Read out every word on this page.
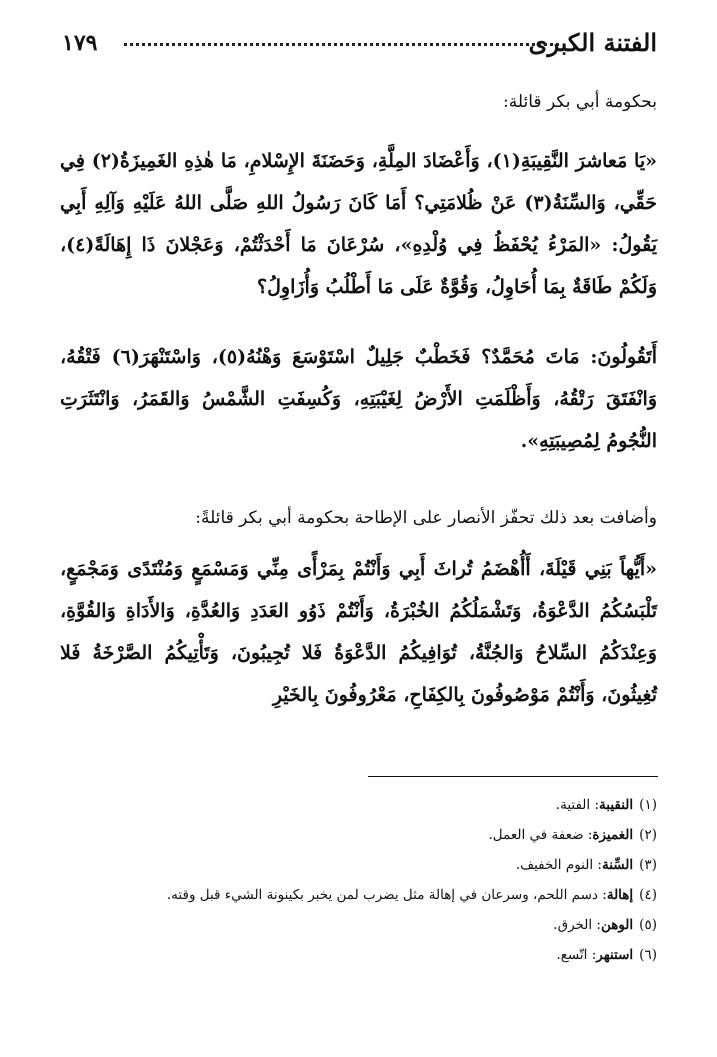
الفتنة الكبرى
١٧٩
بحكومة أبي بكر قائلة:
«يَا مَعاشرَ النَّقِيبَةِ(١)، وَأَعْضَادَ المِلَّةِ، وَحَضَنَةَ الإِسْلامِ، مَا هٰذِهِ الغَمِيزَةُ(٢) فِي حَقِّي، وَالسِّنَةُ(٣) عَنْ ظُلامَتِي؟ أَمَا كَانَ رَسُولُ اللهِ صَلَّى اللهُ عَلَيْهِ وَآلِهِ أَبِي يَقُولُ: «المَرْءُ يُحْفَظُ فِي وُلْدِهِ»، سُرْعَانَ مَا أَحْدَثْتُمْ، وَعَجْلانَ ذَا إِهَالَةً(٤)، وَلَكُمْ طَاقَةٌ بِمَا أُحَاوِلُ، وَقُوَّةٌ عَلَى مَا أَطْلُبُ وَأُزَاوِلُ؟
أَتَقُولُونَ: مَاتَ مُحَمَّدٌ؟ فَخَطْبٌ جَلِيلٌ اسْتَوْسَعَ وَهْنُهُ(٥)، وَاسْتَنْهَرَ(٦) فَتْقُهُ، وَانْفَتَقَ رَتْقُهُ، وَأَظْلَمَتِ الأَرْضُ لِغَيْبَتِهِ، وَكُسِفَتِ الشَّمْسُ وَالقَمَرُ، وَانْتَثَرَتِ النُّجُومُ لِمُصِيبَتِهِ».
وأضافت بعد ذلك تحفّز الأنصار على الإطاحة بحكومة أبي بكر قائلةً:
«أَيُّهاً بَنِي قَيْلَةَ، أَأُهْضَمُ تُراثَ أَبِي وَأَنْتُمْ بِمَرْأًى مِنِّي وَمَسْمَعٍ وَمُنْتَدًى وَمَجْمَعٍ، تَلْبَسُكُمُ الدَّعْوَةُ، وَتَشْمَلُكُمُ الخُبْرَةُ، وَأَنْتُمْ ذَوُو العَدَدِ وَالعُدَّةِ، وَالأَدَاةِ وَالقُوَّةِ، وَعِنْدَكُمُ السِّلاحُ وَالجُنَّةُ، تُوَافِيكُمُ الدَّعْوَةُ فَلا تُجِيبُونَ، وَتَأْتِيكُمُ الصَّرْخَةُ فَلا تُغِيثُونَ، وَأَنْتُمْ مَوْصُوفُونَ بِالكِفَاحِ، مَعْرُوفُونَ بِالخَيْرِ
(١)النقيبة: الفتية.
(٢)الغميزة: ضعفة في العمل.
(٣)السِّنة: النوم الخفيف.
(٤)إهالة: دسم اللحم، وسرعان في إهالة مثل يضرب لمن يخبر بكينونة الشيء قبل وقته.
(٥)الوهن: الخرق.
(٦)استنهر: اتّسع.
